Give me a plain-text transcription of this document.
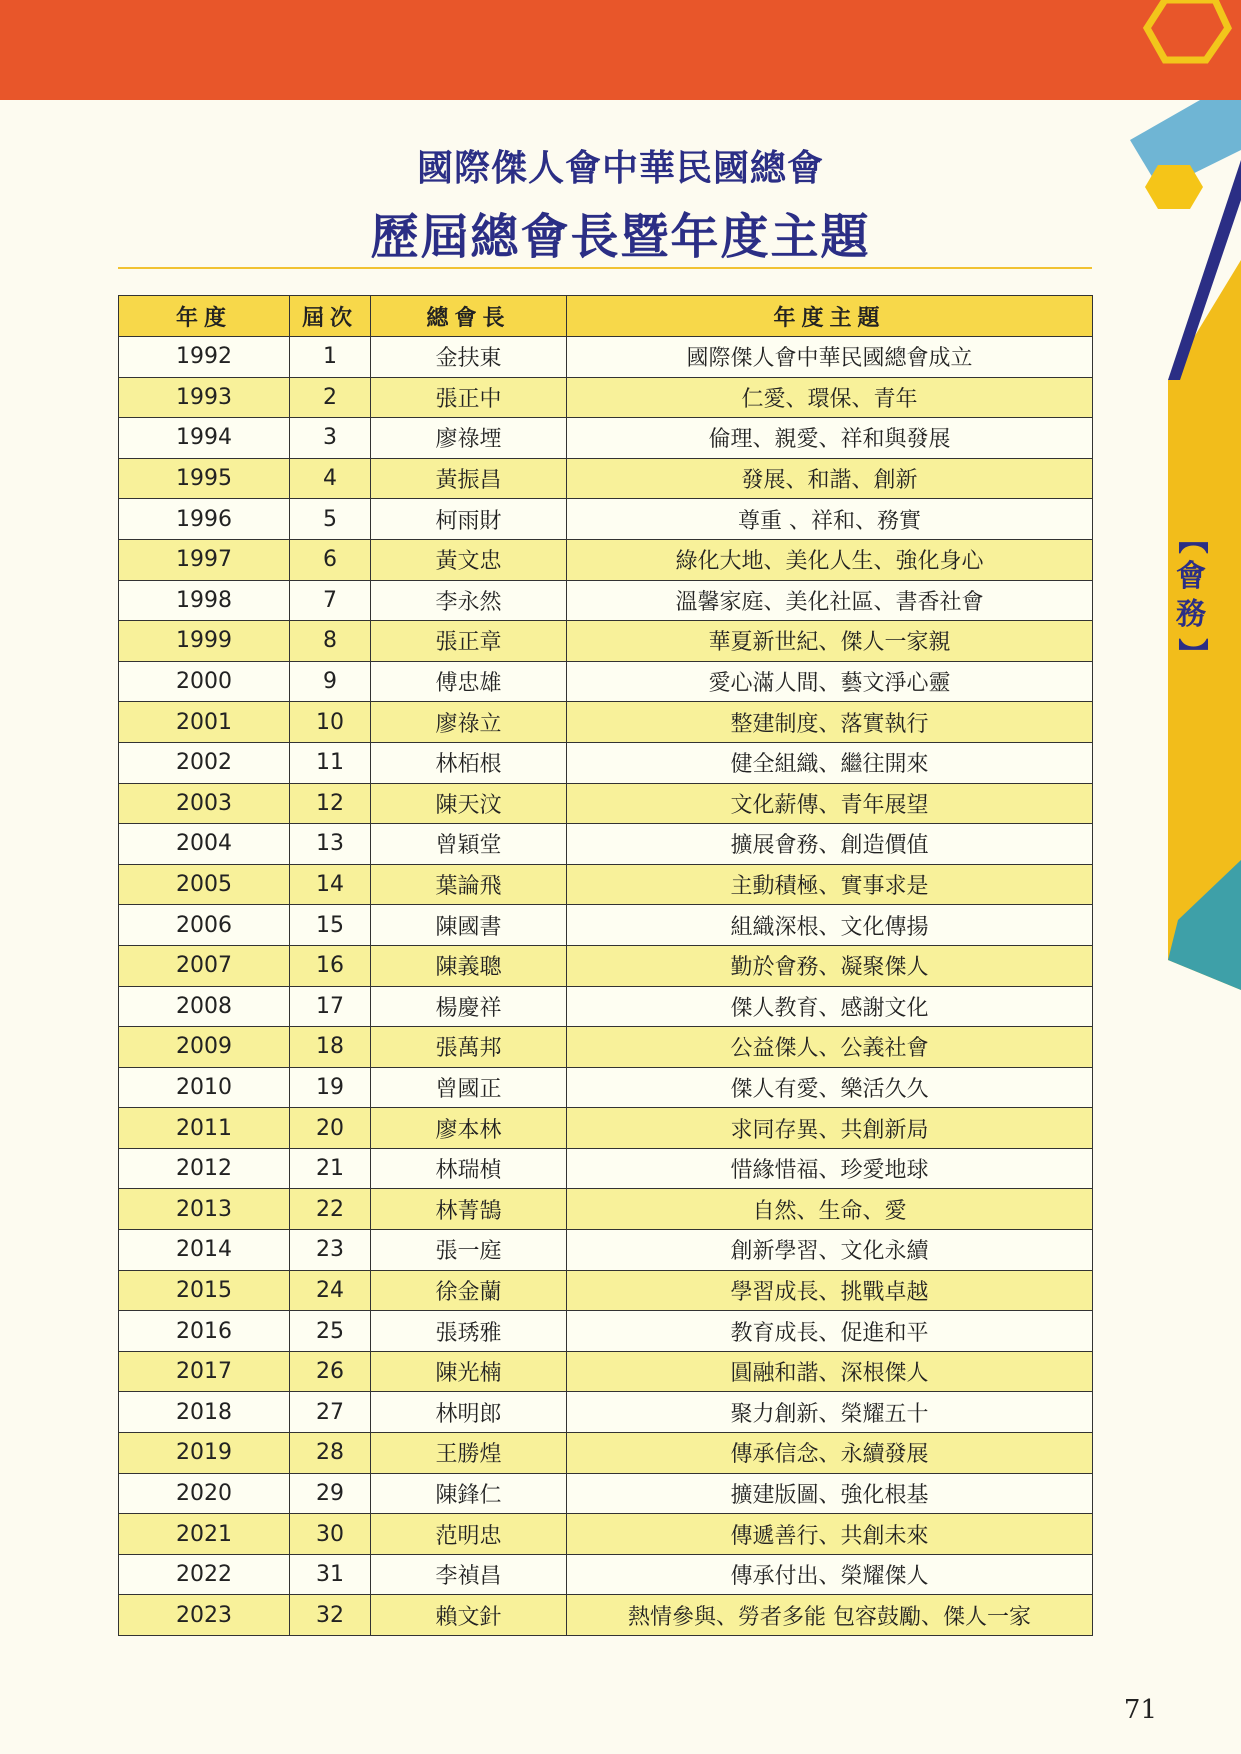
國際傑人會中華民國總會
歷屆總會長暨年度主題
年度	屆次	總會長	年度主題
1992	1	金扶東	國際傑人會中華民國總會成立
1993	2	張正中	仁愛、環保、青年
1994	3	廖祿堙	倫理、親愛、祥和與發展
1995	4	黃振昌	發展、和諧、創新
1996	5	柯雨財	尊重 、祥和、務實
1997	6	黃文忠	綠化大地、美化人生、強化身心
1998	7	李永然	溫馨家庭、美化社區、書香社會
1999	8	張正章	華夏新世紀、傑人一家親
2000	9	傅忠雄	愛心滿人間、藝文淨心靈
2001	10	廖祿立	整建制度、落實執行
2002	11	林栢根	健全組織、繼往開來
2003	12	陳天汶	文化薪傳、青年展望
2004	13	曾穎堂	擴展會務、創造價值
2005	14	葉論飛	主動積極、實事求是
2006	15	陳國書	組織深根、文化傳揚
2007	16	陳義聰	勤於會務、凝聚傑人
2008	17	楊慶祥	傑人教育、感謝文化
2009	18	張萬邦	公益傑人、公義社會
2010	19	曾國正	傑人有愛、樂活久久
2011	20	廖本林	求同存異、共創新局
2012	21	林瑞楨	惜緣惜福、珍愛地球
2013	22	林菁鵠	自然、生命、愛
2014	23	張一庭	創新學習、文化永續
2015	24	徐金蘭	學習成長、挑戰卓越
2016	25	張琇雅	教育成長、促進和平
2017	26	陳光楠	圓融和諧、深根傑人
2018	27	林明郎	聚力創新、榮耀五十
2019	28	王勝煌	傳承信念、永續發展
2020	29	陳鋒仁	擴建版圖、強化根基
2021	30	范明忠	傳遞善行、共創未來
2022	31	李禎昌	傳承付出、榮耀傑人
2023	32	賴文針	熱情參與、勞者多能 包容鼓勵、傑人一家
【
會
務
】
71
